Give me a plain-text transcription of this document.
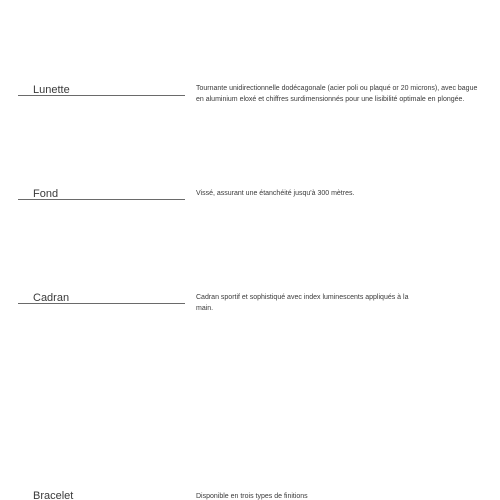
Lunette	Tournante unidirectionnelle dodécagonale (acier poli ou plaqué or 20 microns), avec bague en aluminium eloxé et chiffres surdimensionnés pour une lisibilité optimale en plongée.
Fond	Vissé, assurant une étanchéité jusqu'à 300 mètres.
Cadran	Cadran sportif et sophistiqué avec index luminescents appliqués à la main.
Bracelet	Disponible en trois types de finitions
